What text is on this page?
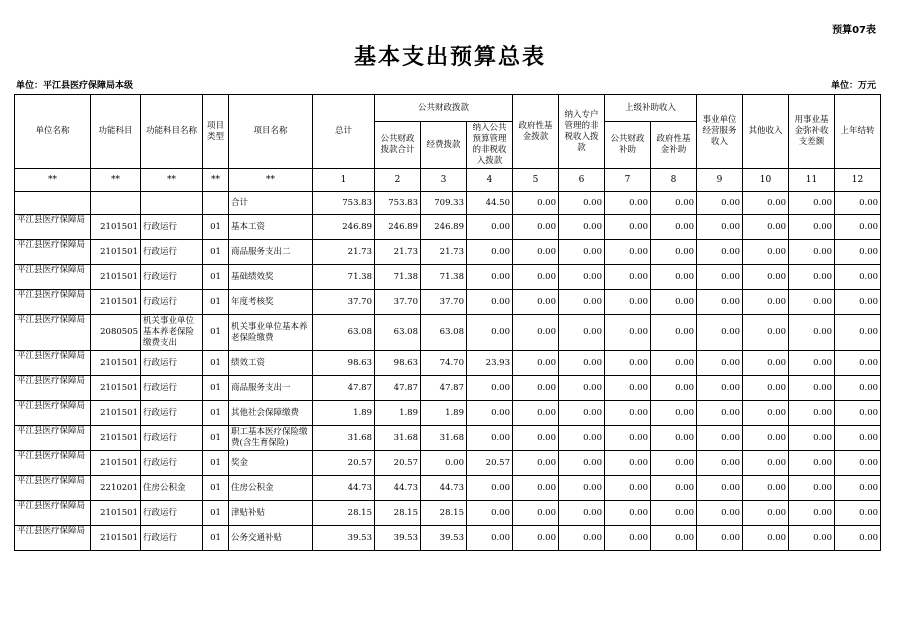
预算07表
基本支出预算总表
单位：平江县医疗保障局本级	单位：万元
单位名称	功能科目	功能科目名称	项目类型	项目名称	总计	公共财政拨款			政府性基金拨款	纳入专户管理的非税收入拨款	上级补助收入		事业单位经营服务收入	其他收入	用事业基金弥补收支差额	上年结转
						公共财政拨款合计	经费拨款	纳入公共预算管理的非税收入拨款			公共财政补助	政府性基金补助				
**	**	**	**	**	1	2	3	4	5	6	7	8	9	10	11	12
				合计	753.83	753.83	709.33	44.50	0.00	0.00	0.00	0.00	0.00	0.00	0.00	0.00
平江县医疗保障局	2101501	行政运行	01	基本工资	246.89	246.89	246.89	0.00	0.00	0.00	0.00	0.00	0.00	0.00	0.00	0.00
平江县医疗保障局	2101501	行政运行	01	商品服务支出二	21.73	21.73	21.73	0.00	0.00	0.00	0.00	0.00	0.00	0.00	0.00	0.00
平江县医疗保障局	2101501	行政运行	01	基础绩效奖	71.38	71.38	71.38	0.00	0.00	0.00	0.00	0.00	0.00	0.00	0.00	0.00
平江县医疗保障局	2101501	行政运行	01	年度考核奖	37.70	37.70	37.70	0.00	0.00	0.00	0.00	0.00	0.00	0.00	0.00	0.00
平江县医疗保障局	2080505	机关事业单位基本养老保险缴费支出	01	机关事业单位基本养老保险缴费	63.08	63.08	63.08	0.00	0.00	0.00	0.00	0.00	0.00	0.00	0.00	0.00
平江县医疗保障局	2101501	行政运行	01	绩效工资	98.63	98.63	74.70	23.93	0.00	0.00	0.00	0.00	0.00	0.00	0.00	0.00
平江县医疗保障局	2101501	行政运行	01	商品服务支出一	47.87	47.87	47.87	0.00	0.00	0.00	0.00	0.00	0.00	0.00	0.00	0.00
平江县医疗保障局	2101501	行政运行	01	其他社会保障缴费	1.89	1.89	1.89	0.00	0.00	0.00	0.00	0.00	0.00	0.00	0.00	0.00
平江县医疗保障局	2101501	行政运行	01	职工基本医疗保险缴费(含生育保险)	31.68	31.68	31.68	0.00	0.00	0.00	0.00	0.00	0.00	0.00	0.00	0.00
平江县医疗保障局	2101501	行政运行	01	奖金	20.57	20.57	0.00	20.57	0.00	0.00	0.00	0.00	0.00	0.00	0.00	0.00
平江县医疗保障局	2210201	住房公积金	01	住房公积金	44.73	44.73	44.73	0.00	0.00	0.00	0.00	0.00	0.00	0.00	0.00	0.00
平江县医疗保障局	2101501	行政运行	01	津贴补贴	28.15	28.15	28.15	0.00	0.00	0.00	0.00	0.00	0.00	0.00	0.00	0.00
平江县医疗保障局	2101501	行政运行	01	公务交通补贴	39.53	39.53	39.53	0.00	0.00	0.00	0.00	0.00	0.00	0.00	0.00	0.00
